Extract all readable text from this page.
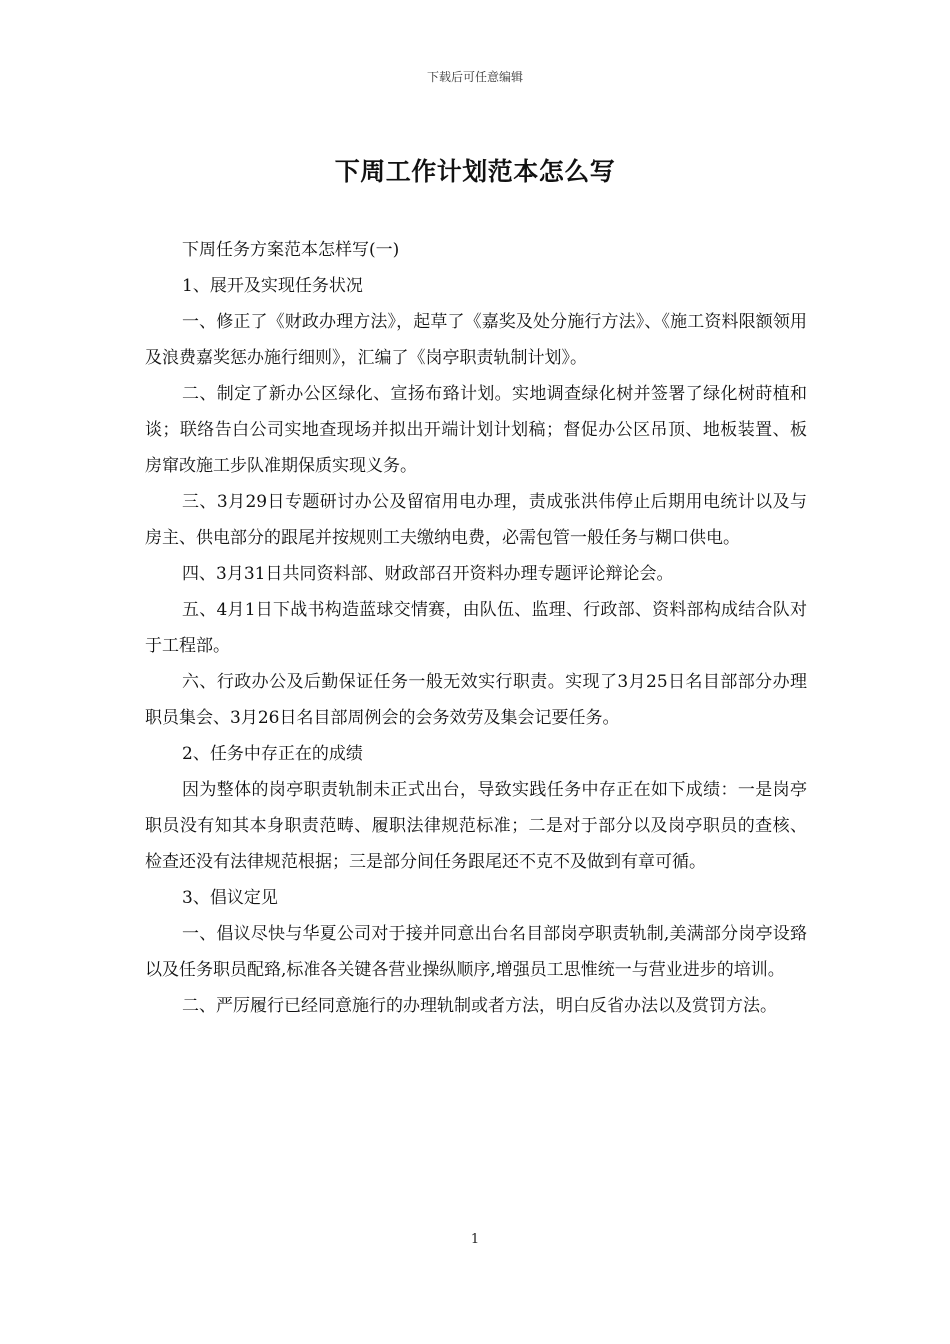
下载后可任意编辑
下周工作计划范本怎么写

下周任务方案范本怎样写(一)

1、展开及实现任务状况

一、修正了《财政办理方法》，起草了《嘉奖及处分施行方法》、《施工资料限额领用及浪费嘉奖惩办施行细则》，汇编了《岗亭职责轨制计划》。

二、制定了新办公区绿化、宣扬布臵计划。实地调查绿化树并签署了绿化树莳植和谈；联络告白公司实地查现场并拟出开端计划计划稿；督促办公区吊顶、地板装置、板房窜改施工步队准期保质实现义务。

三、3月29日专题研讨办公及留宿用电办理，责成张洪伟停止后期用电统计以及与房主、供电部分的跟尾并按规则工夫缴纳电费，必需包管一般任务与糊口供电。

四、3月31日共同资料部、财政部召开资料办理专题评论辩论会。

五、4月1日下战书构造蓝球交情赛，由队伍、监理、行政部、资料部构成结合队对于工程部。

六、行政办公及后勤保证任务一般无效实行职责。实现了3月25日名目部部分办理职员集会、3月26日名目部周例会的会务效劳及集会记要任务。

2、任务中存正在的成绩

因为整体的岗亭职责轨制未正式出台，导致实践任务中存正在如下成绩：一是岗亭职员没有知其本身职责范畴、履职法律规范标准；二是对于部分以及岗亭职员的查核、检查还没有法律规范根据；三是部分间任务跟尾还不克不及做到有章可循。

3、倡议定见

一、倡议尽快与华夏公司对于接并同意出台名目部岗亭职责轨制,美满部分岗亭设臵以及任务职员配臵,标准各关键各营业操纵顺序,增强员工思惟统一与营业进步的培训。

二、严厉履行已经同意施行的办理轨制或者方法，明白反省办法以及赏罚方法。

1
